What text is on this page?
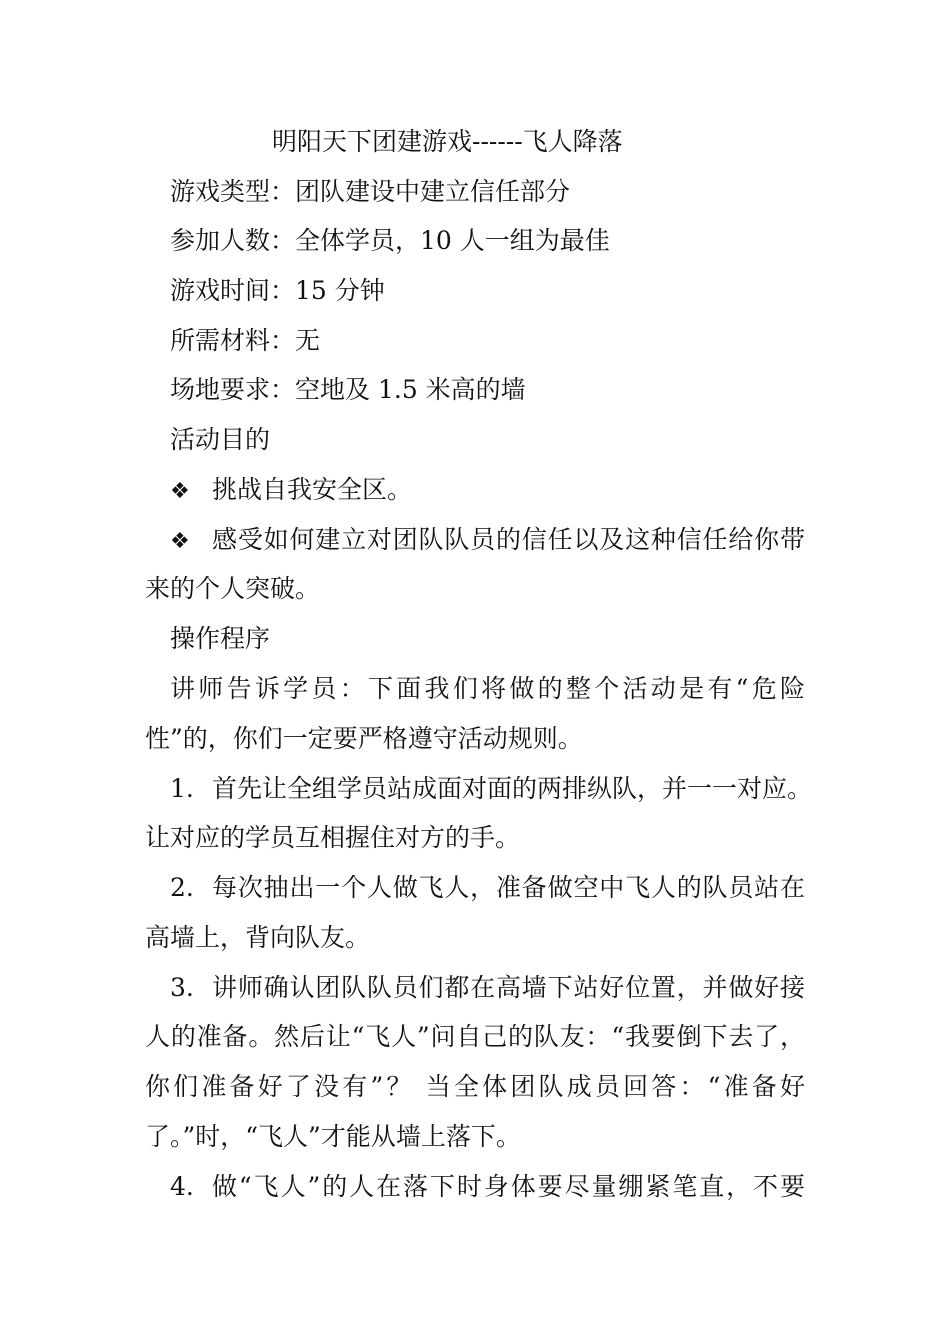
明阳天下团建游戏------飞人降落
游戏类型：团队建设中建立信任部分
参加人数：全体学员，10 人一组为最佳
游戏时间：15 分钟
所需材料：无
场地要求：空地及 1.5 米高的墙
活动目的
❖ 挑战自我安全区。
❖ 感受如何建立对团队队员的信任以及这种信任给你带
来的个人突破。
操作程序
讲师告诉学员：下面我们将做的整个活动是有“危险
性”的，你们一定要严格遵守活动规则。
1. 首先让全组学员站成面对面的两排纵队，并一一对应。
让对应的学员互相握住对方的手。
2. 每次抽出一个人做飞人，准备做空中飞人的队员站在
高墙上，背向队友。
3. 讲师确认团队队员们都在高墙下站好位置，并做好接
人的准备。然后让“飞人”问自己的队友：“我要倒下去了，
你们准备好了没有”？ 当全体团队成员回答：“准备好
了。”时，“飞人”才能从墙上落下。
4. 做“飞人”的人在落下时身体要尽量绷紧笔直，不要
